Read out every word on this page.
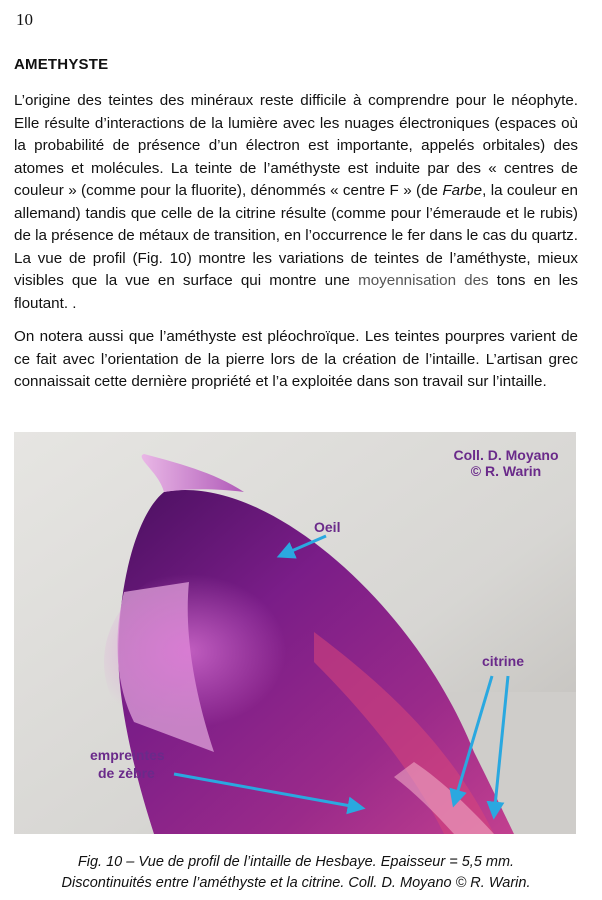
10
AMETHYSTE

L’origine des teintes des minéraux reste difficile à comprendre pour le néophyte. Elle résulte d’interactions de la lumière avec les nuages électroniques (espaces où la probabilité de présence d’un électron est importante, appelés orbitales) des atomes et molécules. La teinte de l’améthyste est induite par des « centres de couleur » (comme pour la fluorite), dénommés « centre F » (de Farbe, la couleur en allemand) tandis que celle de la citrine résulte (comme pour l’émeraude et le rubis) de la présence de métaux de transition, en l’occurrence le fer dans le cas du quartz. La vue de profil (Fig. 10) montre les variations de teintes de l’améthyste, mieux visibles que la vue en surface qui montre une moyennisation des tons en les floutant. .

On notera aussi que l’améthyste est pléochroïque. Les teintes pourpres varient de ce fait avec l’orientation de la pierre lors de la création de l’intaille. L’artisan grec connaissait cette dernière propriété et l’a exploitée dans son travail sur l’intaille.

Coll. D. Moyano
© R. Warin
Oeil
citrine
empreintes
de zèbre
Fig. 10 – Vue de profil de l’intaille de Hesbaye. Epaisseur = 5,5 mm.
Discontinuités entre l’améthyste et la citrine. Coll. D. Moyano © R. Warin.
